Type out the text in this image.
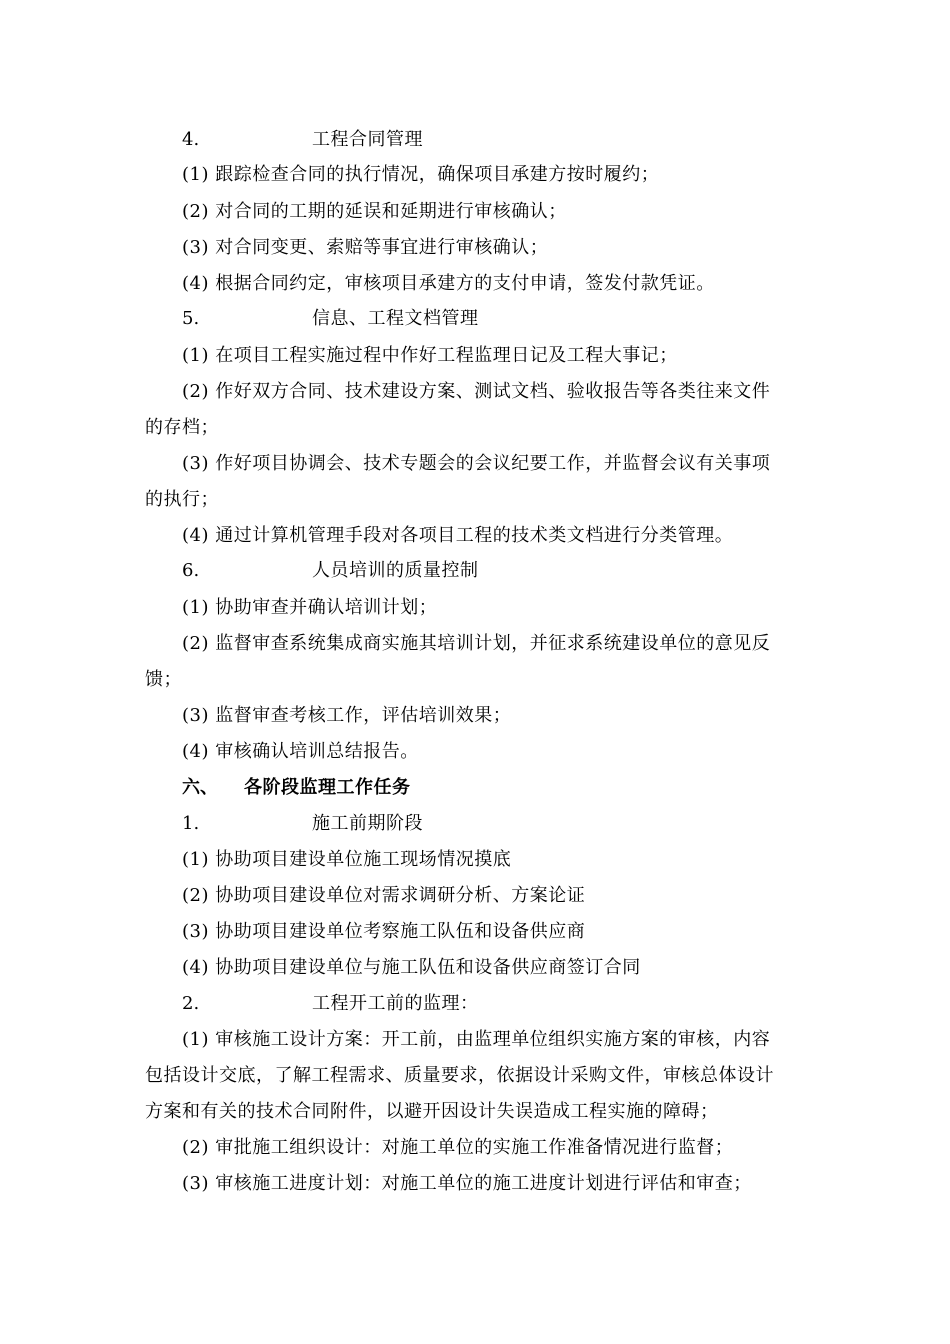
4.	工程合同管理
(1) 跟踪检查合同的执行情况，确保项目承建方按时履约；
(2) 对合同的工期的延误和延期进行审核确认；
(3) 对合同变更、索赔等事宜进行审核确认；
(4) 根据合同约定，审核项目承建方的支付申请，签发付款凭证。
5.	信息、工程文档管理
(1) 在项目工程实施过程中作好工程监理日记及工程大事记；
(2) 作好双方合同、技术建设方案、测试文档、验收报告等各类往来文件
的存档；
(3) 作好项目协调会、技术专题会的会议纪要工作，并监督会议有关事项
的执行；
(4) 通过计算机管理手段对各项目工程的技术类文档进行分类管理。
6.	人员培训的质量控制
(1) 协助审查并确认培训计划；
(2) 监督审查系统集成商实施其培训计划，并征求系统建设单位的意见反
馈；
(3) 监督审查考核工作，评估培训效果；
(4) 审核确认培训总结报告。
六、 各阶段监理工作任务
1.	施工前期阶段
(1) 协助项目建设单位施工现场情况摸底
(2) 协助项目建设单位对需求调研分析、方案论证
(3) 协助项目建设单位考察施工队伍和设备供应商
(4) 协助项目建设单位与施工队伍和设备供应商签订合同
2.	工程开工前的监理：
(1) 审核施工设计方案：开工前，由监理单位组织实施方案的审核，内容
包括设计交底，了解工程需求、质量要求，依据设计采购文件，审核总体设计
方案和有关的技术合同附件，以避开因设计失误造成工程实施的障碍；
(2) 审批施工组织设计：对施工单位的实施工作准备情况进行监督；
(3) 审核施工进度计划：对施工单位的施工进度计划进行评估和审查；
